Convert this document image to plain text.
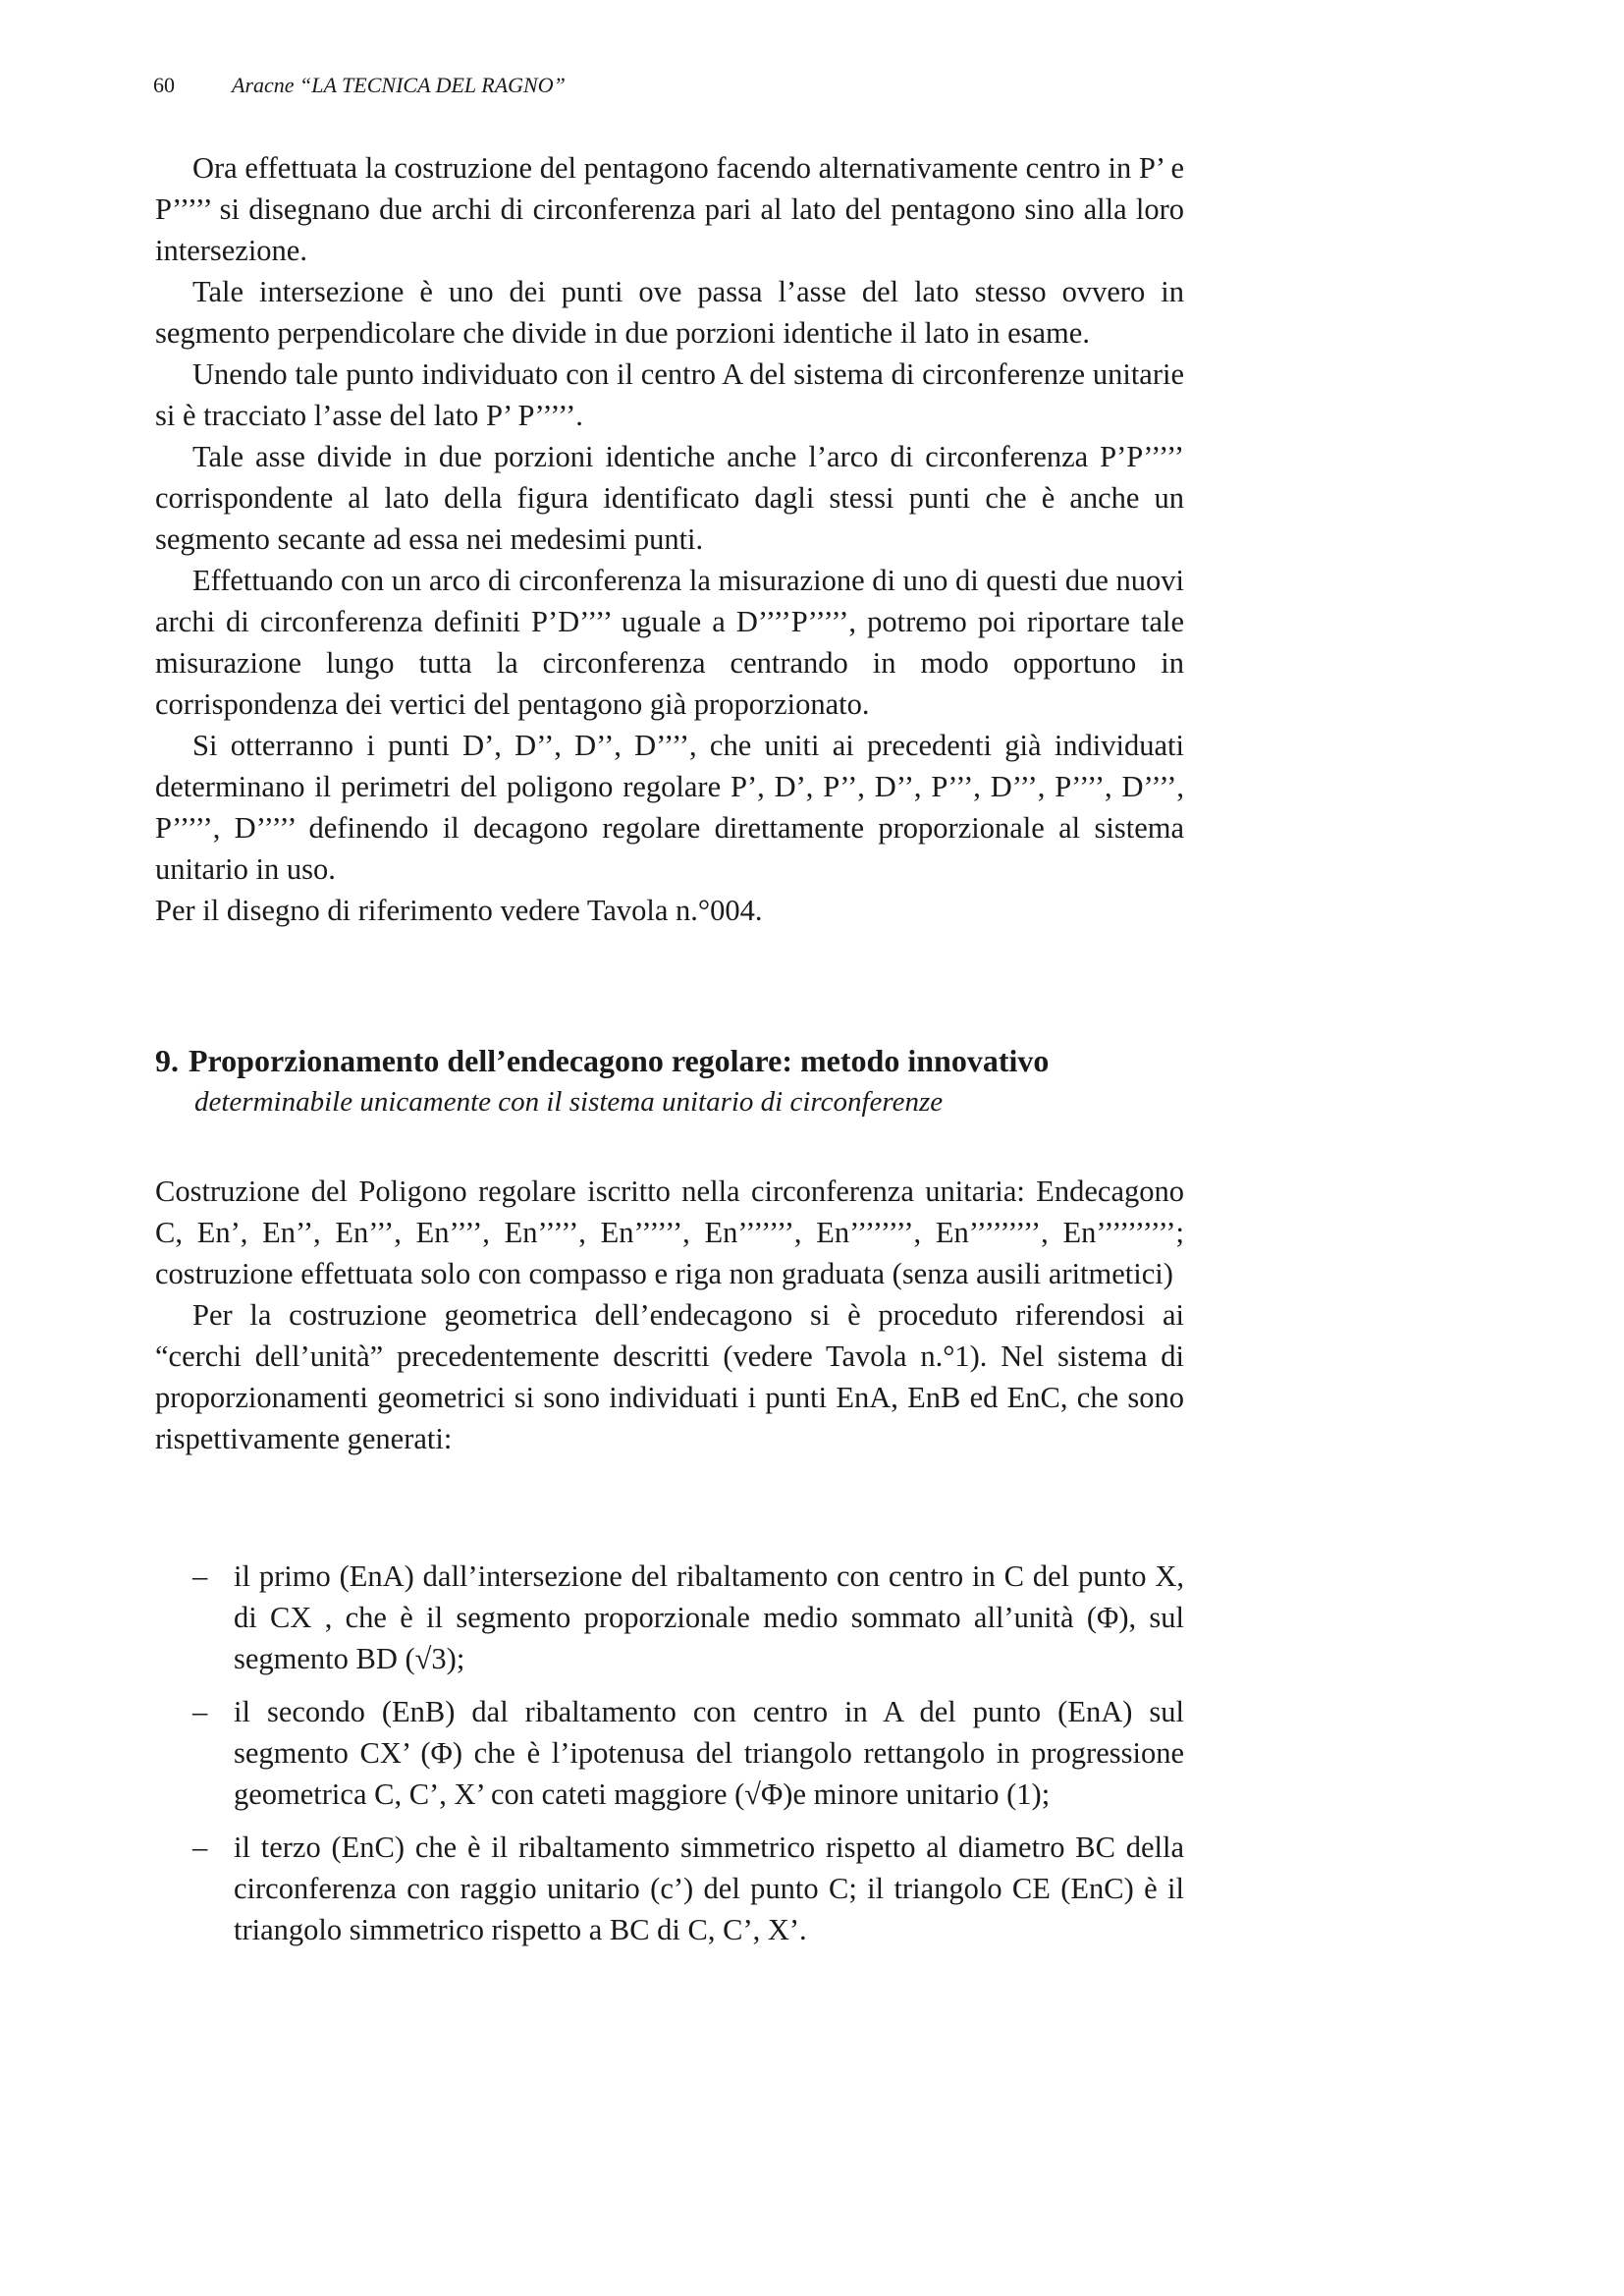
60	Aracne “LA TECNICA DEL RAGNO”

Ora effettuata la costruzione del pentagono facendo alternativamente centro in P’ e P’’’’’ si disegnano due archi di circonferenza pari al lato del pentagono sino alla loro intersezione.

Tale intersezione è uno dei punti ove passa l’asse del lato stesso ovvero in segmento perpendicolare che divide in due porzioni identiche il lato in esame.

Unendo tale punto individuato con il centro A del sistema di circonferenze unitarie si è tracciato l’asse del lato P’ P’’’’’.

Tale asse divide in due porzioni identiche anche l’arco di circonferenza P’P’’’’’ corrispondente al lato della figura identificato dagli stessi punti che è anche un segmento secante ad essa nei medesimi punti.

Effettuando con un arco di circonferenza la misurazione di uno di questi due nuovi archi di circonferenza definiti P’D’’’’ uguale a D’’’’P’’’’’, potremo poi riportare tale misurazione lungo tutta la circonferenza centrando in modo opportuno in corrispondenza dei vertici del pentagono già proporzionato.

Si otterranno i punti D’, D’’, D’’, D’’’’, che uniti ai precedenti già individuati determinano il perimetri del poligono regolare P’, D’, P’’, D’’, P’’’, D’’’, P’’’’, D’’’’, P’’’’’, D’’’’’ definendo il decagono regolare direttamente proporzionale al sistema unitario in uso.

Per il disegno di riferimento vedere Tavola n.°004.

9. Proporzionamento dell’endecagono regolare: metodo innovativo
determinabile unicamente con il sistema unitario di circonferenze

Costruzione del Poligono regolare iscritto nella circonferenza unitaria: Endecagono C, En’, En’’, En’’’, En’’’’, En’’’’’, En’’’’’’, En’’’’’’’, En’’’’’’’’, En’’’’’’’’’, En’’’’’’’’’’; costruzione effettuata solo con compasso e riga non graduata (senza ausili aritmetici)

Per la costruzione geometrica dell’endecagono si è proceduto riferendosi ai “cerchi dell’unità” precedentemente descritti (vedere Tavola n.°1). Nel sistema di proporzionamenti geometrici si sono individuati i punti EnA, EnB ed EnC, che sono rispettivamente generati:

– il primo (EnA) dall’intersezione del ribaltamento con centro in C del punto X, di CX , che è il segmento proporzionale medio sommato all’unità (Φ), sul segmento BD (√3);
– il secondo (EnB) dal ribaltamento con centro in A del punto (EnA) sul segmento CX’ (Φ) che è l’ipotenusa del triangolo rettangolo in progressione geometrica C, C’, X’ con cateti maggiore (√Φ)e minore unitario (1);
– il terzo (EnC) che è il ribaltamento simmetrico rispetto al diametro BC della circonferenza con raggio unitario (c’) del punto C; il triangolo CE (EnC) è il triangolo simmetrico rispetto a BC di C, C’, X’.
